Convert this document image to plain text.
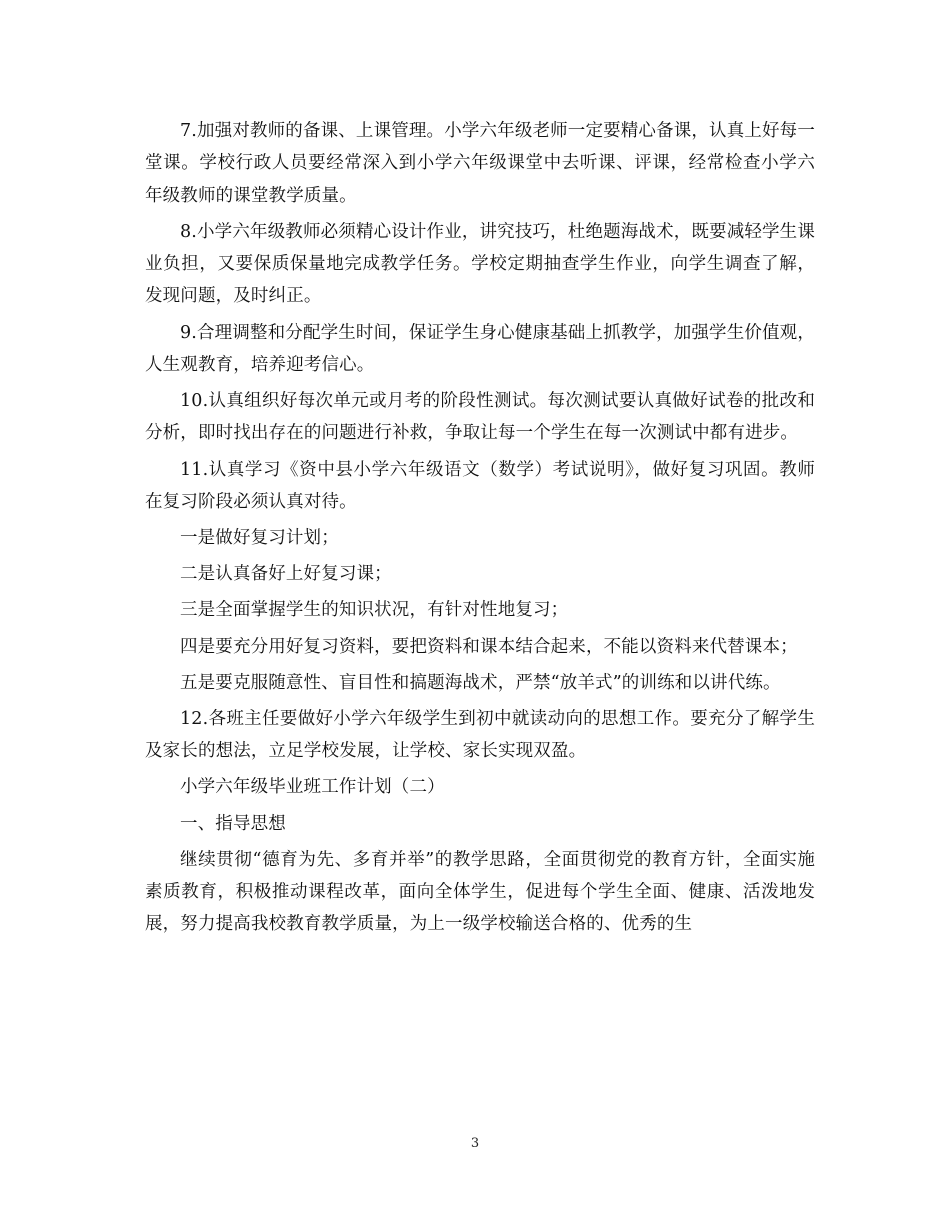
7.加强对教师的备课、上课管理。小学六年级老师一定要精心备课，认真上好每一堂课。学校行政人员要经常深入到小学六年级课堂中去听课、评课，经常检查小学六年级教师的课堂教学质量。

8.小学六年级教师必须精心设计作业，讲究技巧，杜绝题海战术，既要减轻学生课业负担，又要保质保量地完成教学任务。学校定期抽查学生作业，向学生调查了解，发现问题，及时纠正。

9.合理调整和分配学生时间，保证学生身心健康基础上抓教学，加强学生价值观，人生观教育，培养迎考信心。

10.认真组织好每次单元或月考的阶段性测试。每次测试要认真做好试卷的批改和分析，即时找出存在的问题进行补救，争取让每一个学生在每一次测试中都有进步。

11.认真学习《资中县小学六年级语文（数学）考试说明》，做好复习巩固。教师在复习阶段必须认真对待。

一是做好复习计划；

二是认真备好上好复习课；

三是全面掌握学生的知识状况，有针对性地复习；

四是要充分用好复习资料，要把资料和课本结合起来，不能以资料来代替课本；

五是要克服随意性、盲目性和搞题海战术，严禁“放羊式”的训练和以讲代练。

12.各班主任要做好小学六年级学生到初中就读动向的思想工作。要充分了解学生及家长的想法，立足学校发展，让学校、家长实现双盈。

小学六年级毕业班工作计划（二）

一、指导思想

继续贯彻“德育为先、多育并举”的教学思路，全面贯彻党的教育方针，全面实施素质教育，积极推动课程改革，面向全体学生，促进每个学生全面、健康、活泼地发展，努力提高我校教育教学质量，为上一级学校输送合格的、优秀的生

3
